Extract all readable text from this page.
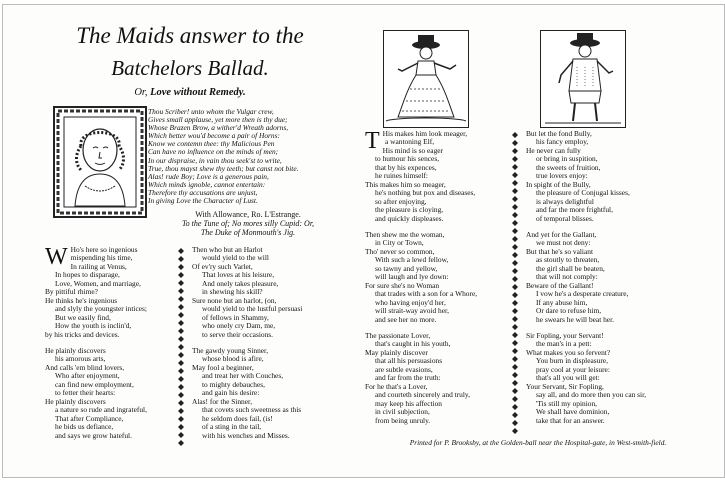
The Maids answer to the
Batchelors Ballad.
Or, Love without Remedy.
Thou Scriber! unto whom the Vulgar crew,
Gives small applause, yet more then is thy due;
Whose Brazen Brow, a wither'd Wreath adorns,
Which better wou'd become a pair of Horns:
Know we contemn thee: thy Malicious Pen
Can have no influence on the minds of men;
In our dispraise, in vain thou seek'st to write,
True, thou mayst shew thy teeth; but canst not bite.
Alas! rude Boy; Love is a generous pain,
Which minds ignoble, cannot entertain:
Therefore thy accusations are unjust,
In giving Love the Character of Lust.
With Allowance, Ro. L'Estrange.
To the Tune of; No mores silly Cupid: Or,
The Duke of Monmouth's Jig.
W Ho's here so ingenious
mispending his time,
In railing at Venus,
In hopes to disparage,
Love, Women, and marriage,
By pittiful rhime?
He thinks he's ingenious
and slyly the youngster intices;
But we easily find,
How the youth is inclin'd,
by his tricks and devices.
He plainly discovers
his amorous arts,
And calls 'em blind lovers,
Who after enjoyment,
can find new employment,
to fetter their hearts:
He plainly discovers
a nature so rude and ingrateful,
That after Compliance,
he bids us defiance,
and says we grow hateful.
Then who but an Harlot
would yield to the will
Of ev'ry such Varlet,
That loves at his leisure,
And onely takes pleasure,
in shewing his skill?
Sure none but an harlot, (on,
would yield to the lustful persuasi
of fellows in Shammy,
who onely cry Dam, me,
to serve their occasions.
The gawdy young Sinner,
whose blood is afire,
May fool a beginner,
and treat her with Couches,
to mighty debauches,
and gain his desire:
Alas! for the Sinner,
that covets such sweetness as this
he seldom does fail, (is!
of a sting in the tail,
with his wenches and Misses.
T His makes him look meager,
a wantoning Elf,
His mind is so eager
to humour his sences,
that by his expences,
he ruines himself:
This makes him so meager,
he's nothing but pox and diseases,
so after enjoying,
the pleasure is cloying,
and quickly displeases.
Then shew me the woman,
in City or Town,
Tho' never so common,
With such a lewd fellow,
so tawny and yellow,
will laugh and lye down:
For sure she's no Woman
that trades with a son for a Whore,
who having enjoy'd her,
will strait-way avoid her,
and see her no more.
The passionate Lover,
that's caught in his youth,
May plainly discover
that all his persuasions
are subtle evasions,
and far from the truth:
For he that's a Lover,
and courteth sincerely and truly,
may keep his affection
in civil subjection,
from being unruly.
But let the fond Bully,
his fancy employ,
He never can fully
or bring in suspition,
the sweets of fruition,
true lovers enjoy:
In spight of the Bully,
the pleasure of Conjugal kisses,
is always delightful
and far the more frightful,
of temporal blisses.
And yet for the Gallant,
we must not deny:
But that he's so valiant
as stoutly to threaten,
the girl shall be beaten,
that will not comply:
Beware of the Gallant!
I vow he's a desperate creature,
If any abuse him,
Or dare to refuse him,
he swears he will beat her.
Sir Fopling, your Servant!
the man's in a pett:
What makes you so fervent?
You burn in displeasure,
pray cool at your leisure:
that's all you will get:
Your Servant, Sir Fopling,
say all, and do more then you can sir,
'Tis still my opinion,
We shall have dominion,
take that for an answer.
Printed for P. Brooksby, at the Golden-ball near the Hospital-gate, in West-smith-field.
